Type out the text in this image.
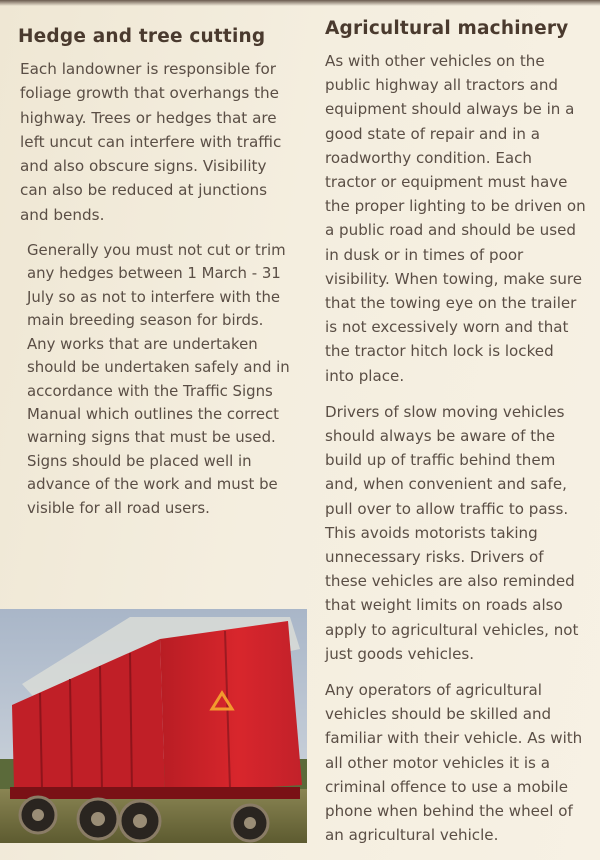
Hedge and tree cutting

Each landowner is responsible for foliage growth that overhangs the highway. Trees or hedges that are left uncut can interfere with traffic and also obscure signs. Visibility can also be reduced at junctions and bends.

Generally you must not cut or trim any hedges between 1 March - 31 July so as not to interfere with the main breeding season for birds. Any works that are undertaken should be undertaken safely and in accordance with the Traffic Signs Manual which outlines the correct warning signs that must be used. Signs should be placed well in advance of the work and must be visible for all road users.

Agricultural machinery

As with other vehicles on the public highway all tractors and equipment should always be in a good state of repair and in a roadworthy condition. Each tractor or equipment must have the proper lighting to be driven on a public road and should be used in dusk or in times of poor visibility. When towing, make sure that the towing eye on the trailer is not excessively worn and that the tractor hitch lock is locked into place.

Drivers of slow moving vehicles should always be aware of the build up of traffic behind them and, when convenient and safe, pull over to allow traffic to pass. This avoids motorists taking unnecessary risks. Drivers of these vehicles are also reminded that weight limits on roads also apply to agricultural vehicles, not just goods vehicles.

Any operators of agricultural vehicles should be skilled and familiar with their vehicle. As with all other motor vehicles it is a criminal offence to use a mobile phone when behind the wheel of an agricultural vehicle.
